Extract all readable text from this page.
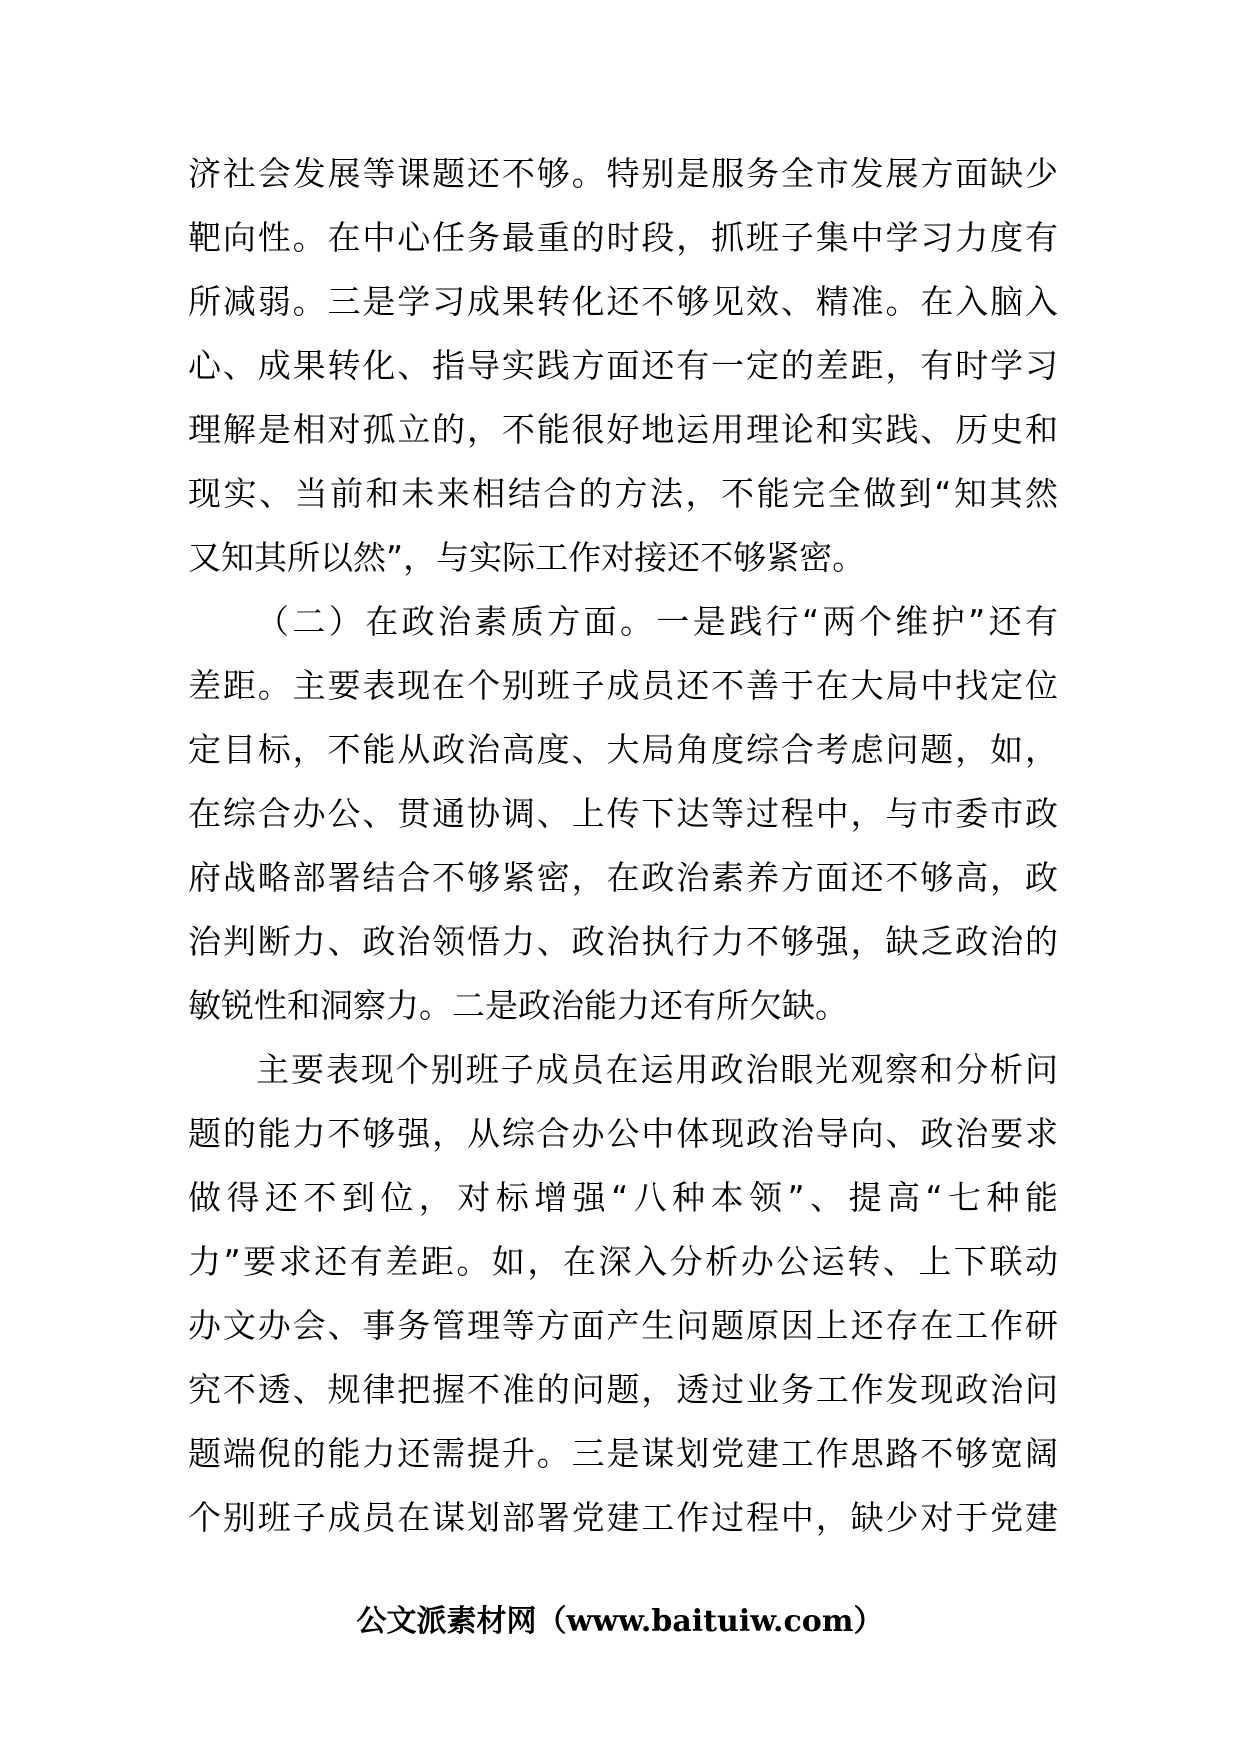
济社会发展等课题还不够。特别是服务全市发展方面缺少
靶向性。在中心任务最重的时段，抓班子集中学习力度有
所减弱。三是学习成果转化还不够见效、精准。在入脑入
心、成果转化、指导实践方面还有一定的差距，有时学习
理解是相对孤立的，不能很好地运用理论和实践、历史和
现实、当前和未来相结合的方法，不能完全做到“知其然
又知其所以然”，与实际工作对接还不够紧密。
（二）在政治素质方面。一是践行“两个维护”还有
差距。主要表现在个别班子成员还不善于在大局中找定位
定目标，不能从政治高度、大局角度综合考虑问题，如，
在综合办公、贯通协调、上传下达等过程中，与市委市政
府战略部署结合不够紧密，在政治素养方面还不够高，政
治判断力、政治领悟力、政治执行力不够强，缺乏政治的
敏锐性和洞察力。二是政治能力还有所欠缺。
主要表现个别班子成员在运用政治眼光观察和分析问
题的能力不够强，从综合办公中体现政治导向、政治要求
做得还不到位，对标增强“八种本领”、提高“七种能
力”要求还有差距。如，在深入分析办公运转、上下联动
办文办会、事务管理等方面产生问题原因上还存在工作研
究不透、规律把握不准的问题，透过业务工作发现政治问
题端倪的能力还需提升。三是谋划党建工作思路不够宽阔
个别班子成员在谋划部署党建工作过程中，缺少对于党建
公文派素材网（www.baituiw.com）
